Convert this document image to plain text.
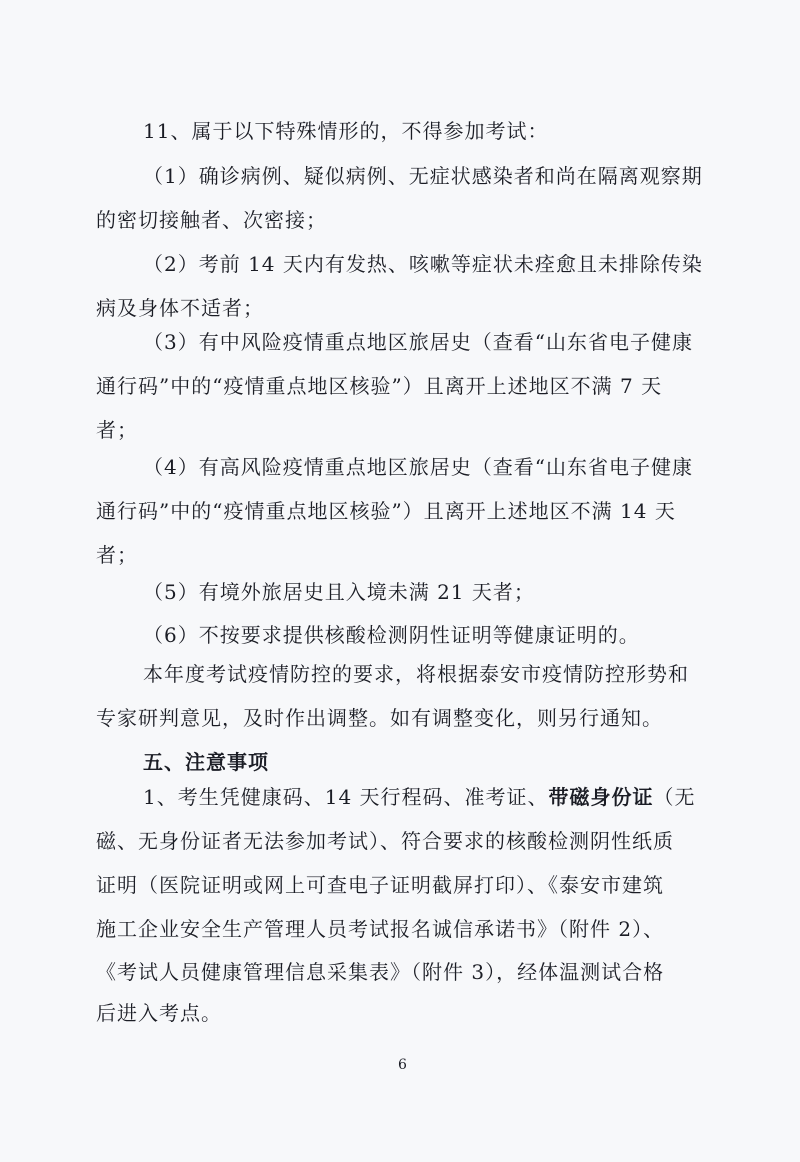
11、属于以下特殊情形的，不得参加考试：

（1）确诊病例、疑似病例、无症状感染者和尚在隔离观察期

的密切接触者、次密接；

（2）考前 14 天内有发热、咳嗽等症状未痊愈且未排除传染

病及身体不适者；

（3）有中风险疫情重点地区旅居史（查看“山东省电子健康

通行码”中的“疫情重点地区核验”）且离开上述地区不满 7 天

者；

（4）有高风险疫情重点地区旅居史（查看“山东省电子健康

通行码”中的“疫情重点地区核验”）且离开上述地区不满 14 天

者；

（5）有境外旅居史且入境未满 21 天者；

（6）不按要求提供核酸检测阴性证明等健康证明的。

本年度考试疫情防控的要求，将根据泰安市疫情防控形势和

专家研判意见，及时作出调整。如有调整变化，则另行通知。

五、注意事项

1、考生凭健康码、14 天行程码、准考证、带磁身份证（无

磁、无身份证者无法参加考试）、符合要求的核酸检测阴性纸质

证明（医院证明或网上可查电子证明截屏打印）、《泰安市建筑

施工企业安全生产管理人员考试报名诚信承诺书》（附件 2）、

《考试人员健康管理信息采集表》（附件 3），经体温测试合格

后进入考点。

6
